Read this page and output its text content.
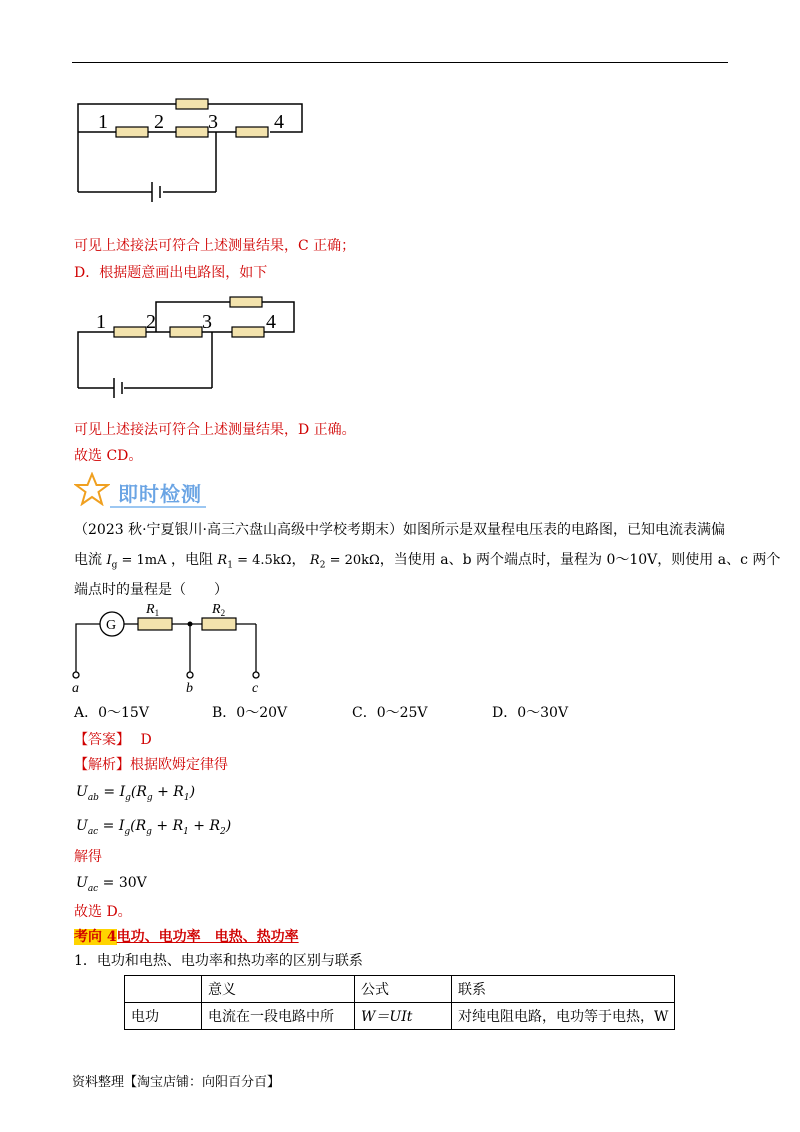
1 2 3	4
可见上述接法可符合上述测量结果，C 正确；
D．根据题意画出电路图，如下
1 2 3	4
可见上述接法可符合上述测量结果，D 正确。
故选 CD。
即时检测
（2023 秋·宁夏银川·高三六盘山高级中学校考期末）如图所示是双量程电压表的电路图，已知电流表满偏
电流 $I_g = 1mA$ ，电阻 $R_1 = 4.5k\Omega$， $R_2 = 20k\Omega$，当使用 a、b 两个端点时，量程为 0～10V，则使用 a、c 两个
端点时的量程是（　　）
G
$R_1$	$R_2$
a	b	c
A．0～15V	B．0～20V	C．0～25V	D．0～30V
【答案】 D
【解析】根据欧姆定律得
$U_{ab} = I_g(R_g + R_1)$
$U_{ac} = I_g(R_g + R_1 + R_2)$
解得
$U_{ac} = 30V$
故选 D。
考向 4电功、电功率　电热、热功率
1．电功和电热、电功率和热功率的区别与联系
	意义	公式	联系
电功	电流在一段电路中所	W＝UIt	对纯电阻电路，电功等于电热，W
资料整理【淘宝店铺：向阳百分百】
